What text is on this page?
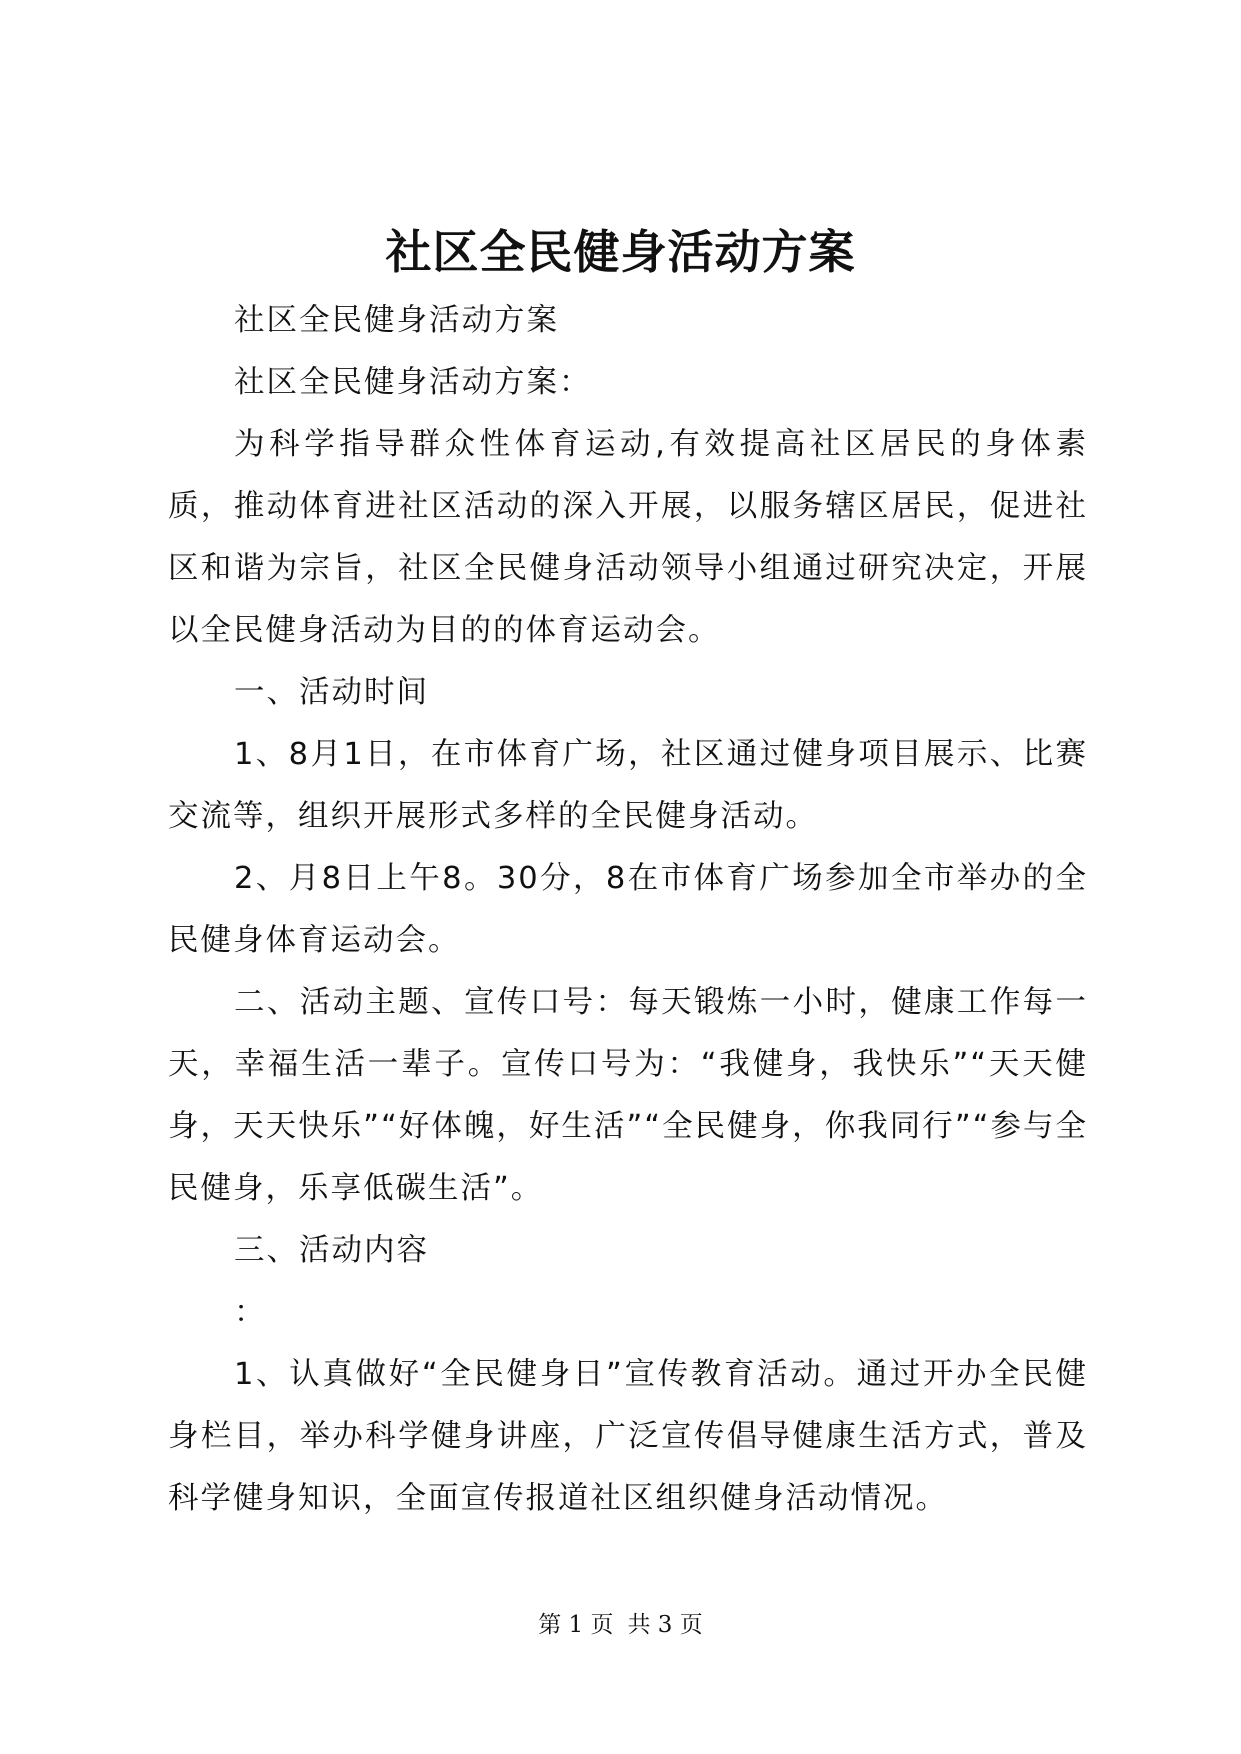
社区全民健身活动方案

社区全民健身活动方案

社区全民健身活动方案：

为科学指导群众性体育运动,有效提高社区居民的身体素质，推动体育进社区活动的深入开展，以服务辖区居民，促进社区和谐为宗旨，社区全民健身活动领导小组通过研究决定，开展以全民健身活动为目的的体育运动会。

一、活动时间

1、8月1日，在市体育广场，社区通过健身项目展示、比赛交流等，组织开展形式多样的全民健身活动。

2、月8日上午8。30分，8在市体育广场参加全市举办的全民健身体育运动会。

二、活动主题、宣传口号：每天锻炼一小时，健康工作每一天，幸福生活一辈子。宣传口号为：“我健身，我快乐”“天天健身，天天快乐”“好体魄，好生活”“全民健身，你我同行”“参与全民健身，乐享低碳生活”。

三、活动内容

：

1、认真做好“全民健身日”宣传教育活动。通过开办全民健身栏目，举办科学健身讲座，广泛宣传倡导健康生活方式，普及科学健身知识，全面宣传报道社区组织健身活动情况。

第 1 页 共 3 页
